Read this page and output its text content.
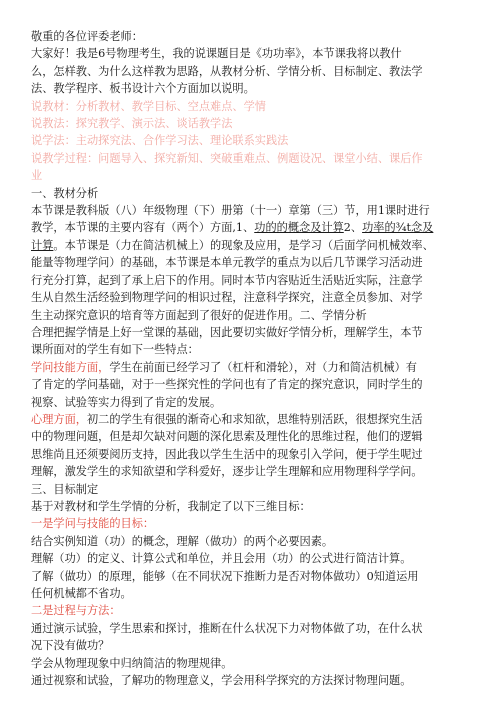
敬重的各位评委老师：
大家好！我是6号物理考生，我的说课题目是《功功率》，本节课我将以教什
么，怎样教、为什么这样教为思路，从教材分析、学情分析、目标制定、教法学
法、教学程序、板书设计六个方面加以说明。
说教材：分析教材、教学目标、空点难点、学情
说教法：探究教学、演示法、谈话教学法
说学法：主动探究法、合作学习法、理论联系实践法
说教学过程：问题导入、探究新知、突破重难点、例题设况、课堂小结、课后作
业
一、教材分析
本节课是教科版（八）年级物理（下）册第（十一）章第（三）节，用1课时进行
教学，本节课的主要内容有（两个）方面,1、功的的概念及计算2、功率的¾t念及
计算。本节课是（力在简洁机械上）的现象及应用，是学习（后面学问机械效率、
能量等物理学问）的基础，本节课是本单元教学的重点为以后几节课学习活动进
行充分打算，起到了承上启下的作用。同时本节内容贴近生活贴近实际，注意学
生从自然生活经验到物理学问的相识过程，注意科学探究，注意全员参加、对学
生主动探究意识的培育等方面起到了很好的促进作用。二、学情分析
合理把握学情是上好一堂课的基础，因此要切实做好学情分析，理解学生，本节
课所面对的学生有如下一些特点：
学问技能方面，学生在前面已经学习了（杠杆和滑轮），对（力和简洁机械）有
了肯定的学问基础，对于一些探究性的学问也有了肯定的探究意识，同时学生的
视察、试验等实力得到了肯定的发展。
心理方面，初二的学生有很强的渐奇心和求知欲，思维特别活跃，很想探究生活
中的物理问题，但是却欠缺对问题的深化思索及理性化的思维过程，他们的逻辑
思维尚且还须要阅历支持，因此我以学生生活中的现象引入学问，便于学生呢过
理解，激发学生的求知欲望和学科爱好，逐步让学生理解和应用物理科学学问。
三、目标制定
基于对教材和学生学情的分析，我制定了以下三维目标：
一是学问与技能的目标：
结合实例知道（功）的概念，理解（做功）的两个必要因素。
理解（功）的定义、计算公式和单位，并且会用（功）的公式进行简洁计算。
了解（做功）的原理，能够（在不同状况下推断力是否对物体做功）0知道运用
任何机械都不省功。
二是过程与方法：
通过演示试验，学生思索和探讨，推断在什么状况下力对物体做了功，在什么状
况下没有做功？
学会从物理现象中归纳简洁的物理规律。
通过视察和试验，了解功的物理意义，学会用科学探究的方法探讨物理问题。
